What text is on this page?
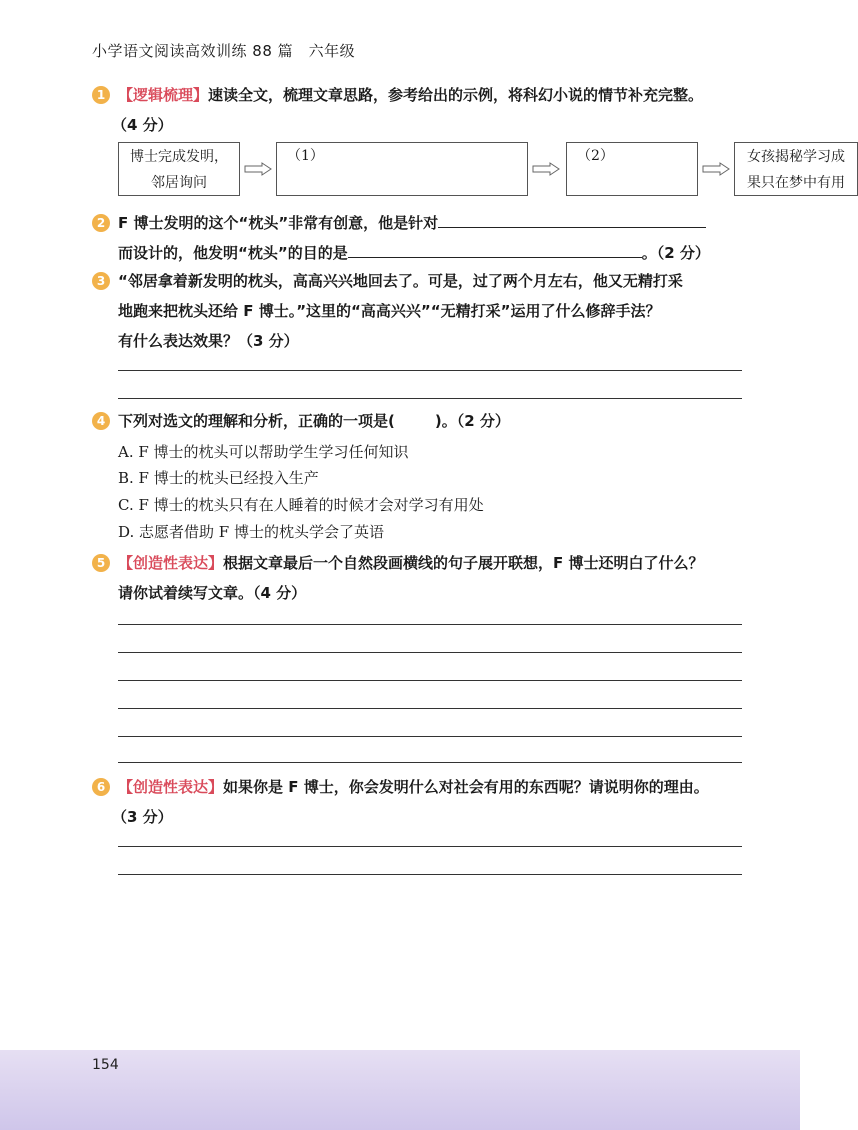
小学语文阅读高效训练 88 篇　六年级
1 【逻辑梳理】速读全文，梳理文章思路，参考给出的示例，将科幻小说的情节补充完整。
（4 分）
博士完成发明，
邻居询问
（1）	（2）	女孩揭秘学习成
果只在梦中有用
2 F 博士发明的这个“枕头”非常有创意，他是针对
而设计的，他发明“枕头”的目的是	。（2 分）
3 “邻居拿着新发明的枕头，高高兴兴地回去了。可是，过了两个月左右，他又无精打采
地跑来把枕头还给 F 博士。”这里的“高高兴兴”“无精打采”运用了什么修辞手法？
有什么表达效果？（3 分）
4 下列对选文的理解和分析，正确的一项是(	)。（2 分）
A. F 博士的枕头可以帮助学生学习任何知识
B. F 博士的枕头已经投入生产
C. F 博士的枕头只有在人睡着的时候才会对学习有用处
D. 志愿者借助 F 博士的枕头学会了英语
5 【创造性表达】根据文章最后一个自然段画横线的句子展开联想，F 博士还明白了什么？
请你试着续写文章。（4 分）
6 【创造性表达】如果你是 F 博士，你会发明什么对社会有用的东西呢？请说明你的理由。
（3 分）
154
